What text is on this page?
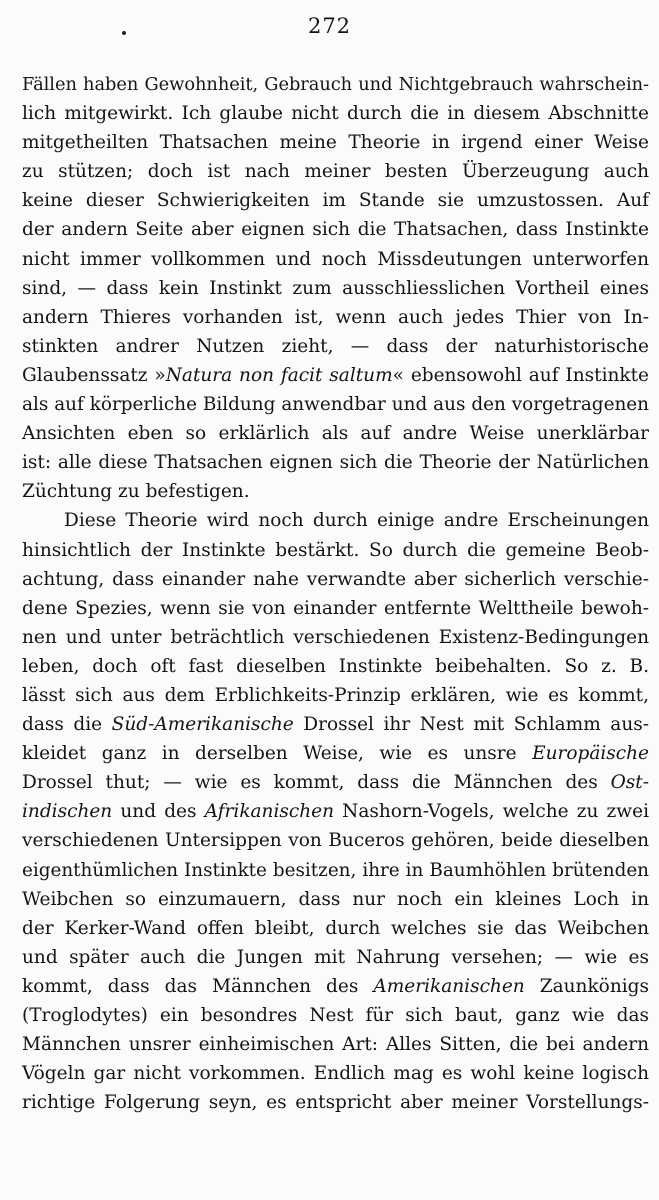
272
Fällen haben Gewohnheit, Gebrauch und Nichtgebrauch wahrschein-
lich mitgewirkt. Ich glaube nicht durch die in diesem Abschnitte
mitgetheilten Thatsachen meine Theorie in irgend einer Weise
zu stützen; doch ist nach meiner besten Überzeugung auch
keine dieser Schwierigkeiten im Stande sie umzustossen. Auf
der andern Seite aber eignen sich die Thatsachen, dass Instinkte
nicht immer vollkommen und noch Missdeutungen unterworfen
sind, — dass kein Instinkt zum ausschliesslichen Vortheil eines
andern Thieres vorhanden ist, wenn auch jedes Thier von In-
stinkten andrer Nutzen zieht, — dass der naturhistorische
Glaubenssatz »Natura non facit saltum« ebensowohl auf Instinkte
als auf körperliche Bildung anwendbar und aus den vorgetragenen
Ansichten eben so erklärlich als auf andre Weise unerklärbar
ist: alle diese Thatsachen eignen sich die Theorie der Natürlichen
Züchtung zu befestigen.
Diese Theorie wird noch durch einige andre Erscheinungen
hinsichtlich der Instinkte bestärkt. So durch die gemeine Beob-
achtung, dass einander nahe verwandte aber sicherlich verschie-
dene Spezies, wenn sie von einander entfernte Welttheile bewoh-
nen und unter beträchtlich verschiedenen Existenz-Bedingungen
leben, doch oft fast dieselben Instinkte beibehalten. So z. B.
lässt sich aus dem Erblichkeits-Prinzip erklären, wie es kommt,
dass die Süd-Amerikanische Drossel ihr Nest mit Schlamm aus-
kleidet ganz in derselben Weise, wie es unsre Europäische
Drossel thut; — wie es kommt, dass die Männchen des Ost-
indischen und des Afrikanischen Nashorn-Vogels, welche zu zwei
verschiedenen Untersippen von Buceros gehören, beide dieselben
eigenthümlichen Instinkte besitzen, ihre in Baumhöhlen brütenden
Weibchen so einzumauern, dass nur noch ein kleines Loch in
der Kerker-Wand offen bleibt, durch welches sie das Weibchen
und später auch die Jungen mit Nahrung versehen; — wie es
kommt, dass das Männchen des Amerikanischen Zaunkönigs
(Troglodytes) ein besondres Nest für sich baut, ganz wie das
Männchen unsrer einheimischen Art: Alles Sitten, die bei andern
Vögeln gar nicht vorkommen. Endlich mag es wohl keine logisch
richtige Folgerung seyn, es entspricht aber meiner Vorstellungs-
